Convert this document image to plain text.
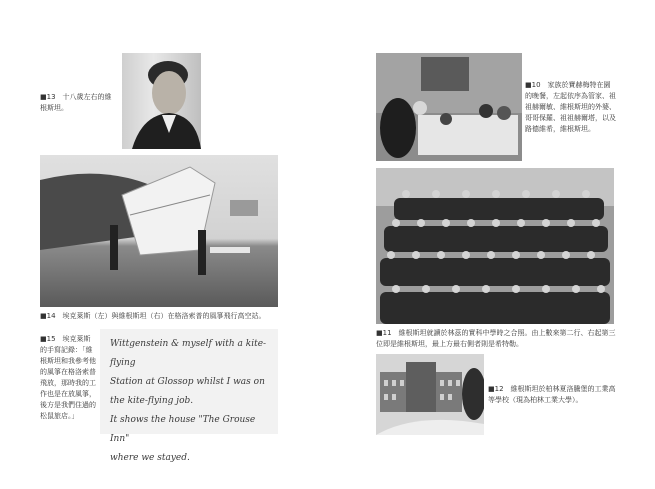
■13　十八歲左右的維根斯坦。
■14　埃克萊斯（左）與維根斯坦（右）在格洛索普的風箏飛行高空站。
■15　埃克萊斯的手寫記錄：「維根斯坦和我參考他的風箏在格洛索普飛放，那時我的工作也是在放風箏，後方是我們住過的松鼠旅店。」
Wittgenstein & myself with a kite-flying
Station at Glossop whilst I was on
the kite-flying job.
It shows the house "The Grouse Inn"
where we stayed.
■10　家族於寶赫梅特在園的晚餐，左起依序為管家、祖祖赫爾敏、維根斯坦的外婆、哥哥保羅、祖祖赫爾塔，以及路德維希，維根斯坦。
■11　維根斯坦就讀於林茲的實科中學時之合照。由上數來第二行、右起第三位即是維根斯坦，最上方最右側者則是希特勒。
■12　維根斯坦於柏林夏洛騰堡的工業高等學校（現為柏林工業大學）。
